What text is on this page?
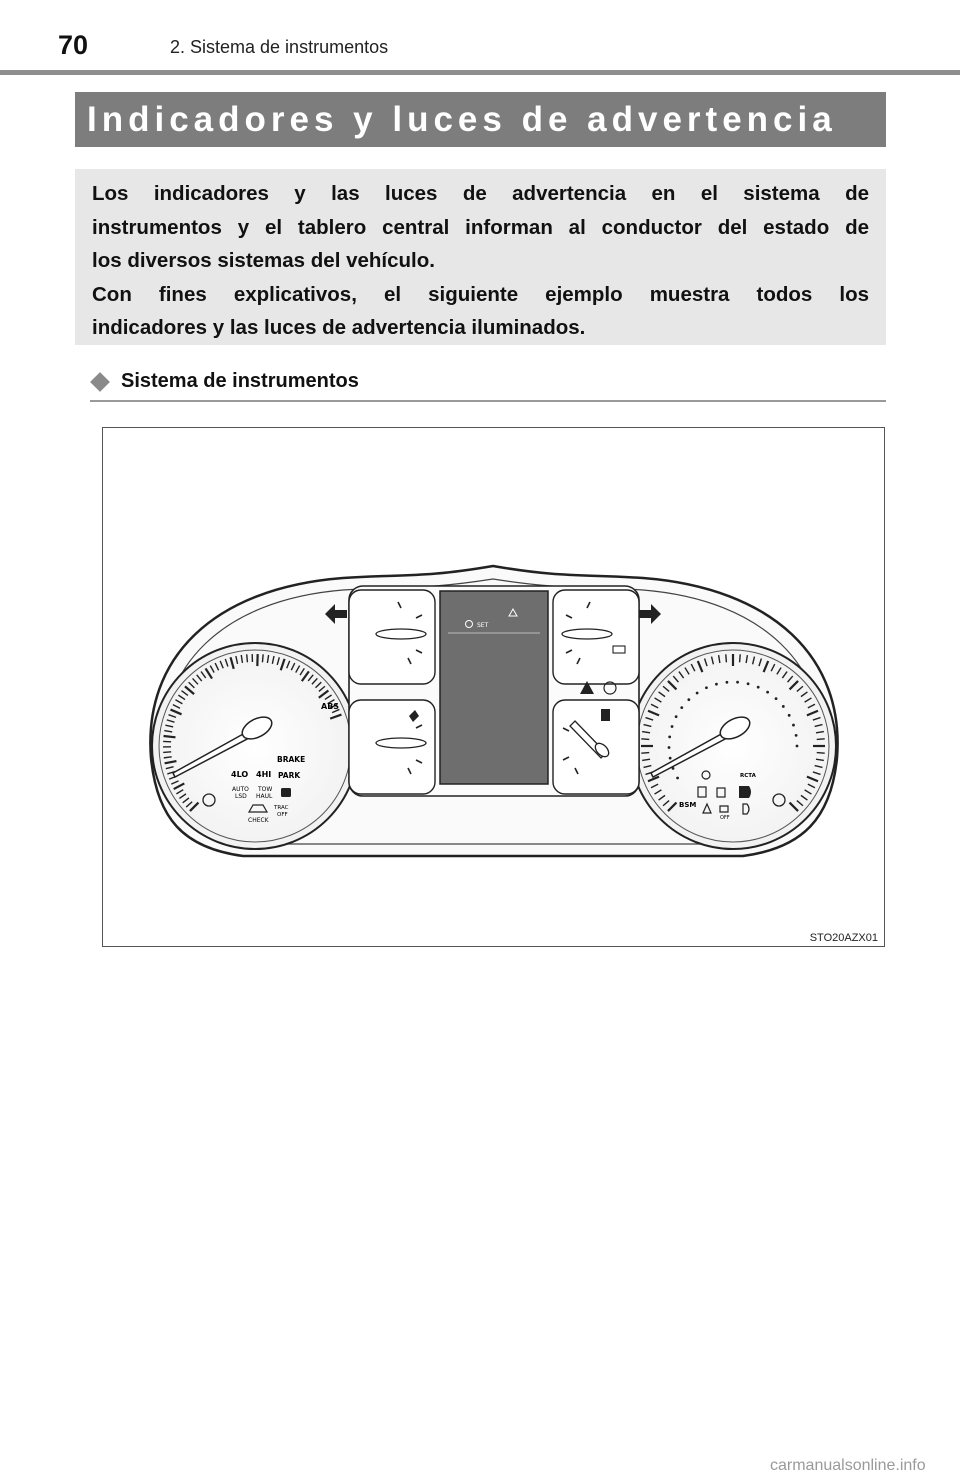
70	2. Sistema de instrumentos
Indicadores y luces de advertencia

Los indicadores y las luces de advertencia en el sistema de

instrumentos y el tablero central informan al conductor del estado de

los diversos sistemas del vehículo.

Con fines explicativos, el siguiente ejemplo muestra todos los

indicadores y las luces de advertencia iluminados.

Sistema de instrumentos
ABS
BRAKE
PARK
4LO 4HI
AUTO
LSD
TOW
HAUL
CHECK
TRAC
OFF
RCTA
BSM
OFF
SET
STO20AZX01
carmanualsonline.info
